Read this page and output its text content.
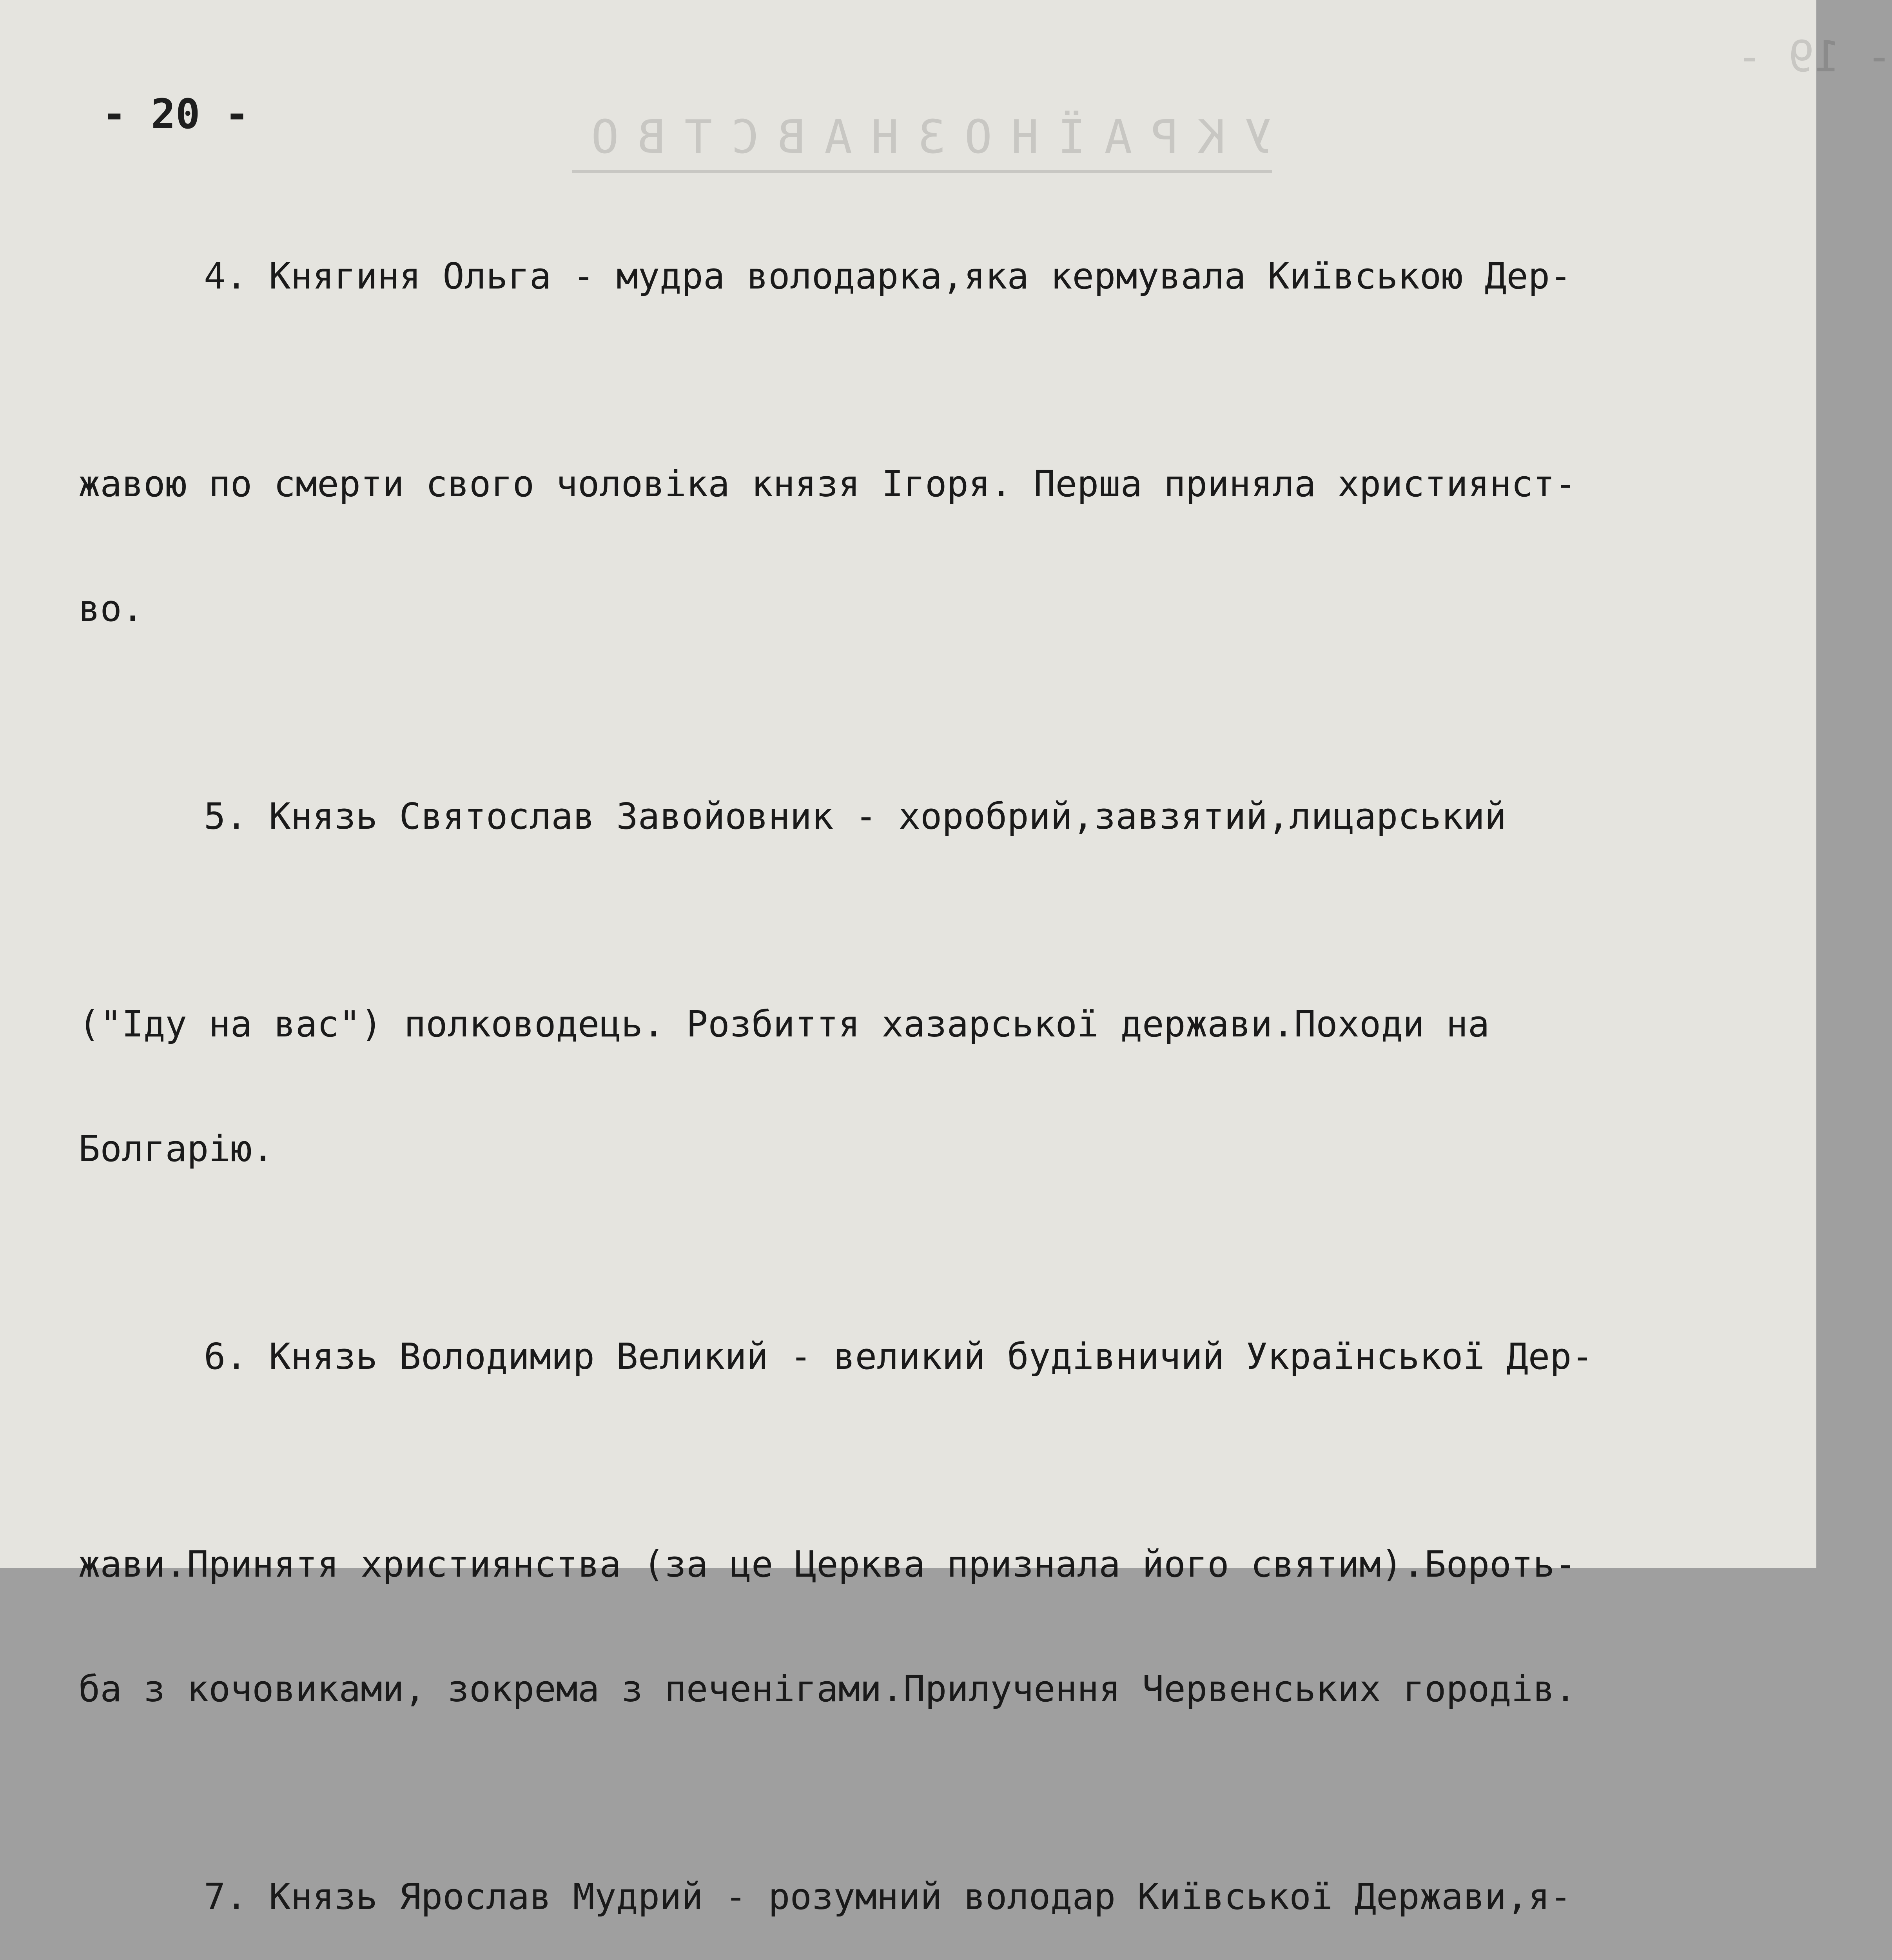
- 19 -
УКРАЇНОЗНАВСТВО
- 20 -

4. Княгиня Ольга - мудра володарка,яка кермувала Київською Дер-

жавою по смерти свого чоловіка князя Ігоря. Перша приняла християнст-

во.

5. Князь Святослав Завойовник - хоробрий,завзятий,лицарський

("Іду на вас") полководець. Розбиття хазарської держави.Походи на

Болгарію.

6. Князь Володимир Великий - великий будівничий Української Дер-

жави.Принятя християнства (за це Церква признала його святим).Борoть-

ба з кочовиками, зокрема з печенігами.Прилучення Червенських городів.

7. Князь Ярослав Мудрий - розумний володар Київської Держави,я-
